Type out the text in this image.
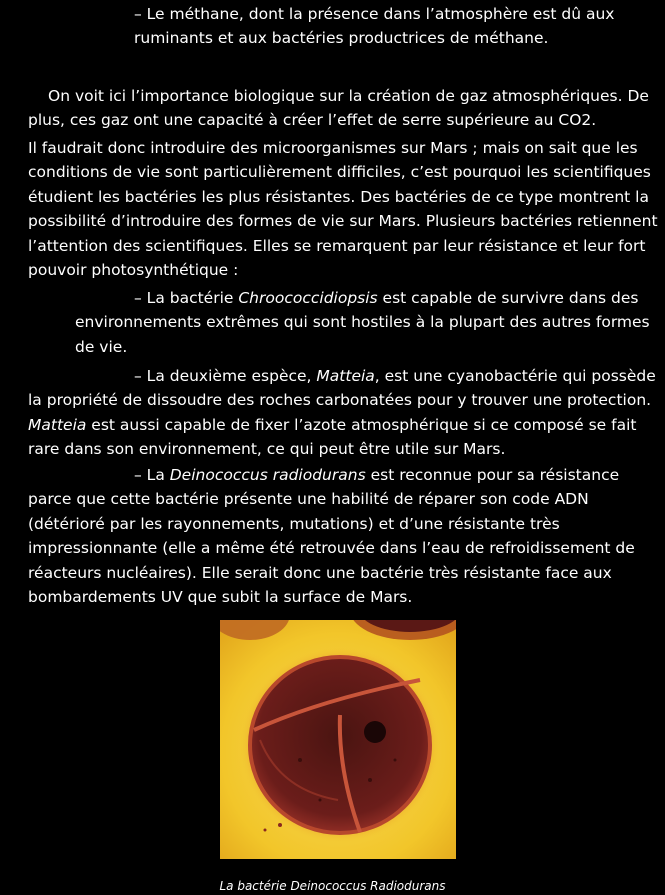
– Le méthane, dont la présence dans l’atmosphère est dû aux ruminants et aux bactéries productrices de méthane.

On voit ici l’importance biologique sur la création de gaz atmosphériques. De plus, ces gaz ont une capacité à créer l’effet de serre supérieure au CO2.

Il faudrait donc introduire des microorganismes sur Mars ; mais on sait que les conditions de vie sont particulièrement difficiles, c’est pourquoi les scientifiques étudient les bactéries les plus résistantes. Des bactéries de ce type montrent la possibilité d’introduire des formes de vie sur Mars. Plusieurs bactéries retiennent l’attention des scientifiques. Elles se remarquent par leur résistance et leur fort pouvoir photosynthétique :

– La bactérie Chroococcidiopsis est capable de survivre dans des environnements extrêmes qui sont hostiles à la plupart des autres formes de vie.

– La deuxième espèce, Matteia, est une cyanobactérie qui possède la propriété de dissoudre des roches carbonatées pour y trouver une protection. Matteia est aussi capable de fixer l’azote atmosphérique si ce composé se fait rare dans son environnement, ce qui peut être utile sur Mars.

– La Deinococcus radiodurans est reconnue pour sa résistance parce que cette bactérie présente une habilité de réparer son code ADN (détérioré par les rayonnements, mutations) et d’une résistante très impressionnante (elle a même été retrouvée dans l’eau de refroidissement de réacteurs nucléaires). Elle serait donc une bactérie très résistante face aux bombardements UV que subit la surface de Mars.

La bactérie Deinococcus Radiodurans
